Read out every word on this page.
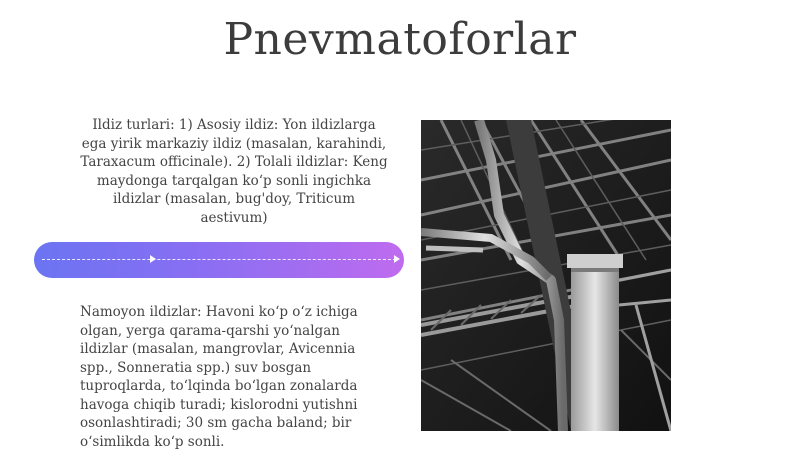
Pnevmatoforlar
Ildiz turlari: 1) Asosiy ildiz: Yon ildizlarga ega yirik markaziy ildiz (masalan, karahindi, Taraxacum officinale). 2) Tolali ildizlar: Keng maydonga tarqalgan ko‘p sonli ingichka ildizlar (masalan, bug'doy, Triticum aestivum)
Namoyon ildizlar: Havoni ko‘p o‘z ichiga olgan, yerga qarama-qarshi yo‘nalgan ildizlar (masalan, mangrovlar, Avicennia spp., Sonneratia spp.) suv bosgan tuproqlarda, to‘lqinda bo‘lgan zonalarda havoga chiqib turadi; kislorodni yutishni osonlashtiradi; 30 sm gacha baland; bir o‘simlikda ko‘p sonli.
